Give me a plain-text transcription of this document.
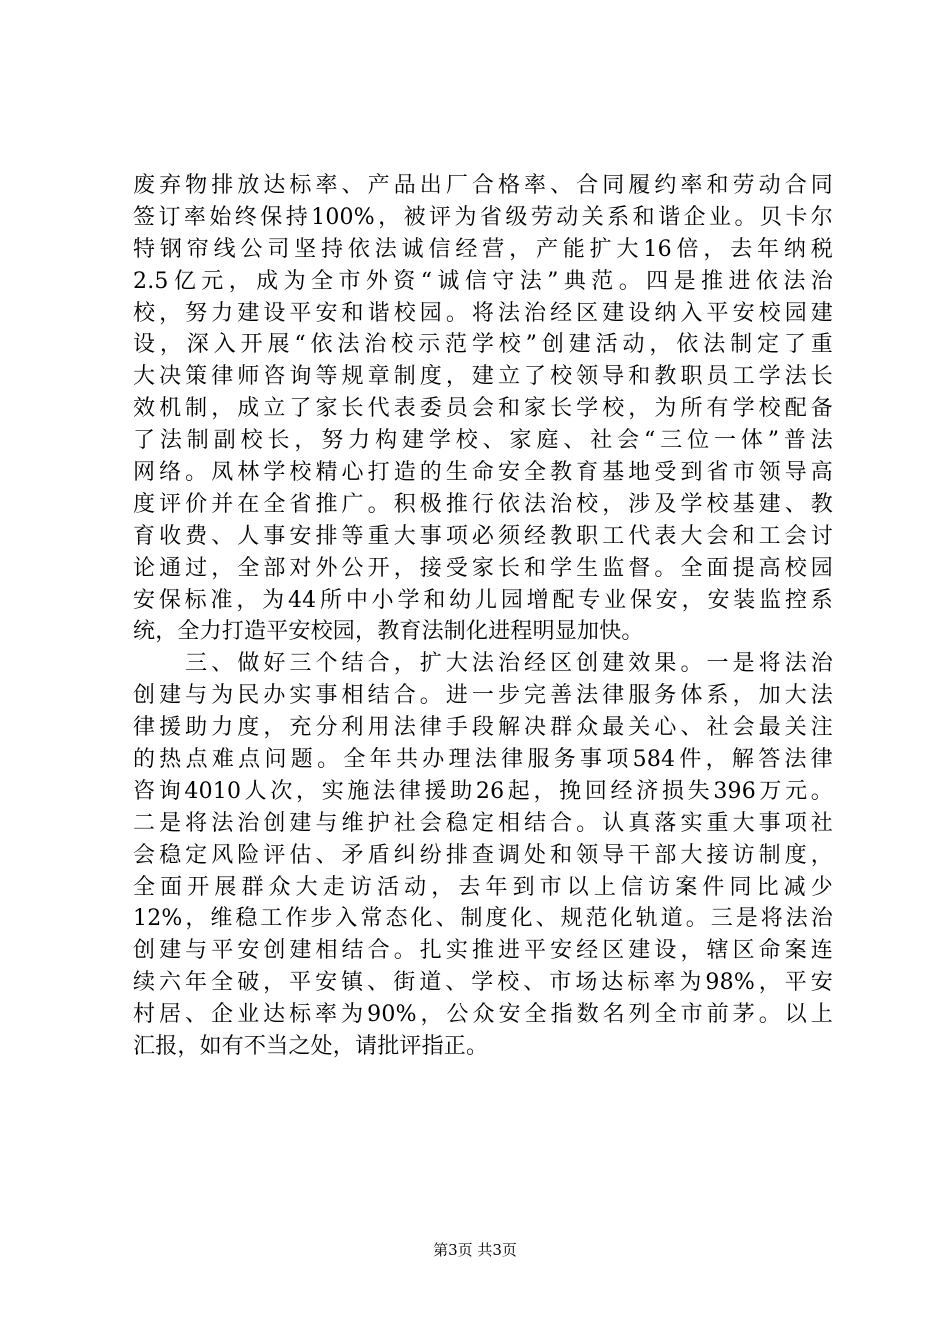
废弃物排放达标率、产品出厂合格率、合同履约率和劳动合同
签订率始终保持100%，被评为省级劳动关系和谐企业。贝卡尔
特钢帘线公司坚持依法诚信经营，产能扩大16倍，去年纳税
2.5亿元，成为全市外资“诚信守法”典范。四是推进依法治
校，努力建设平安和谐校园。将法治经区建设纳入平安校园建
设，深入开展“依法治校示范学校”创建活动，依法制定了重
大决策律师咨询等规章制度，建立了校领导和教职员工学法长
效机制，成立了家长代表委员会和家长学校，为所有学校配备
了法制副校长，努力构建学校、家庭、社会“三位一体”普法
网络。凤林学校精心打造的生命安全教育基地受到省市领导高
度评价并在全省推广。积极推行依法治校，涉及学校基建、教
育收费、人事安排等重大事项必须经教职工代表大会和工会讨
论通过，全部对外公开，接受家长和学生监督。全面提高校园
安保标准，为44所中小学和幼儿园增配专业保安，安装监控系
统，全力打造平安校园，教育法制化进程明显加快。
　　三、做好三个结合，扩大法治经区创建效果。一是将法治
创建与为民办实事相结合。进一步完善法律服务体系，加大法
律援助力度，充分利用法律手段解决群众最关心、社会最关注
的热点难点问题。全年共办理法律服务事项584件，解答法律
咨询4010人次，实施法律援助26起，挽回经济损失396万元。
二是将法治创建与维护社会稳定相结合。认真落实重大事项社
会稳定风险评估、矛盾纠纷排查调处和领导干部大接访制度，
全面开展群众大走访活动，去年到市以上信访案件同比减少
12%，维稳工作步入常态化、制度化、规范化轨道。三是将法治
创建与平安创建相结合。扎实推进平安经区建设，辖区命案连
续六年全破，平安镇、街道、学校、市场达标率为98%，平安
村居、企业达标率为90%，公众安全指数名列全市前茅。以上
汇报，如有不当之处，请批评指正。
第3页 共3页
